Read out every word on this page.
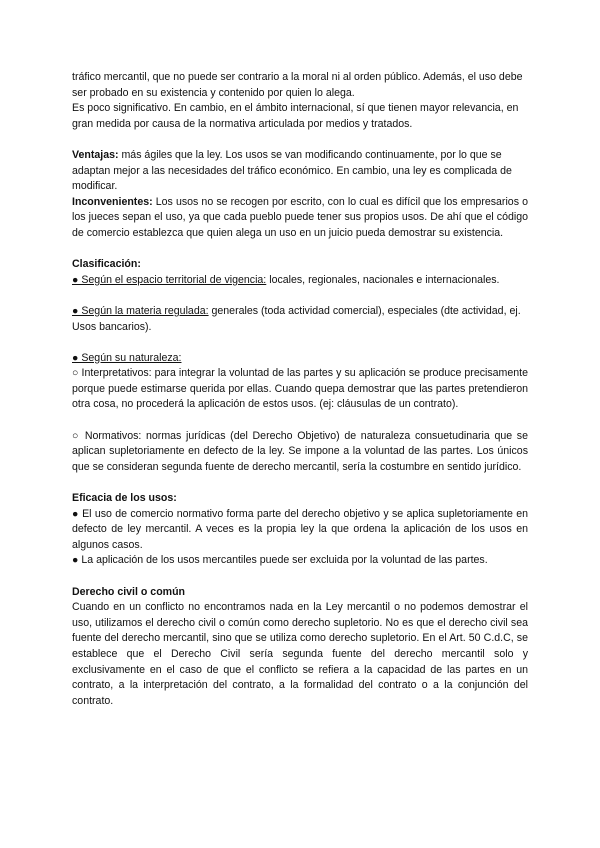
tráfico mercantil, que no puede ser contrario a la moral ni al orden público. Además, el uso debe ser probado en su existencia y contenido por quien lo alega.

Es poco significativo. En cambio, en el ámbito internacional, sí que tienen mayor relevancia, en gran medida por causa de la normativa articulada por medios y tratados.

Ventajas: más ágiles que la ley. Los usos se van modificando continuamente, por lo que se adaptan mejor a las necesidades del tráfico económico. En cambio, una ley es complicada de modificar.

Inconvenientes: Los usos no se recogen por escrito, con lo cual es difícil que los empresarios o los jueces sepan el uso, ya que cada pueblo puede tener sus propios usos. De ahí que el código de comercio establezca que quien alega un uso en un juicio pueda demostrar su existencia.

Clasificación:

● Según el espacio territorial de vigencia: locales, regionales, nacionales e internacionales.

● Según la materia regulada: generales (toda actividad comercial), especiales (dte actividad, ej. Usos bancarios).

● Según su naturaleza:

○ Interpretativos: para integrar la voluntad de las partes y su aplicación se produce precisamente porque puede estimarse querida por ellas. Cuando quepa demostrar que las partes pretendieron otra cosa, no procederá la aplicación de estos usos. (ej: cláusulas de un contrato).

○ Normativos: normas jurídicas (del Derecho Objetivo) de naturaleza consuetudinaria que se aplican supletoriamente en defecto de la ley. Se impone a la voluntad de las partes. Los únicos que se consideran segunda fuente de derecho mercantil, sería la costumbre en sentido jurídico.

Eficacia de los usos:

● El uso de comercio normativo forma parte del derecho objetivo y se aplica supletoriamente en defecto de ley mercantil. A veces es la propia ley la que ordena la aplicación de los usos en algunos casos.

● La aplicación de los usos mercantiles puede ser excluida por la voluntad de las partes.

Derecho civil o común

Cuando en un conflicto no encontramos nada en la Ley mercantil o no podemos demostrar el uso, utilizamos el derecho civil o común como derecho supletorio. No es que el derecho civil sea fuente del derecho mercantil, sino que se utiliza como derecho supletorio. En el Art. 50 C.d.C, se establece que el Derecho Civil sería segunda fuente del derecho mercantil solo y exclusivamente en el caso de que el conflicto se refiera a la capacidad de las partes en un contrato, a la interpretación del contrato, a la formalidad del contrato o a la conjunción del contrato.
